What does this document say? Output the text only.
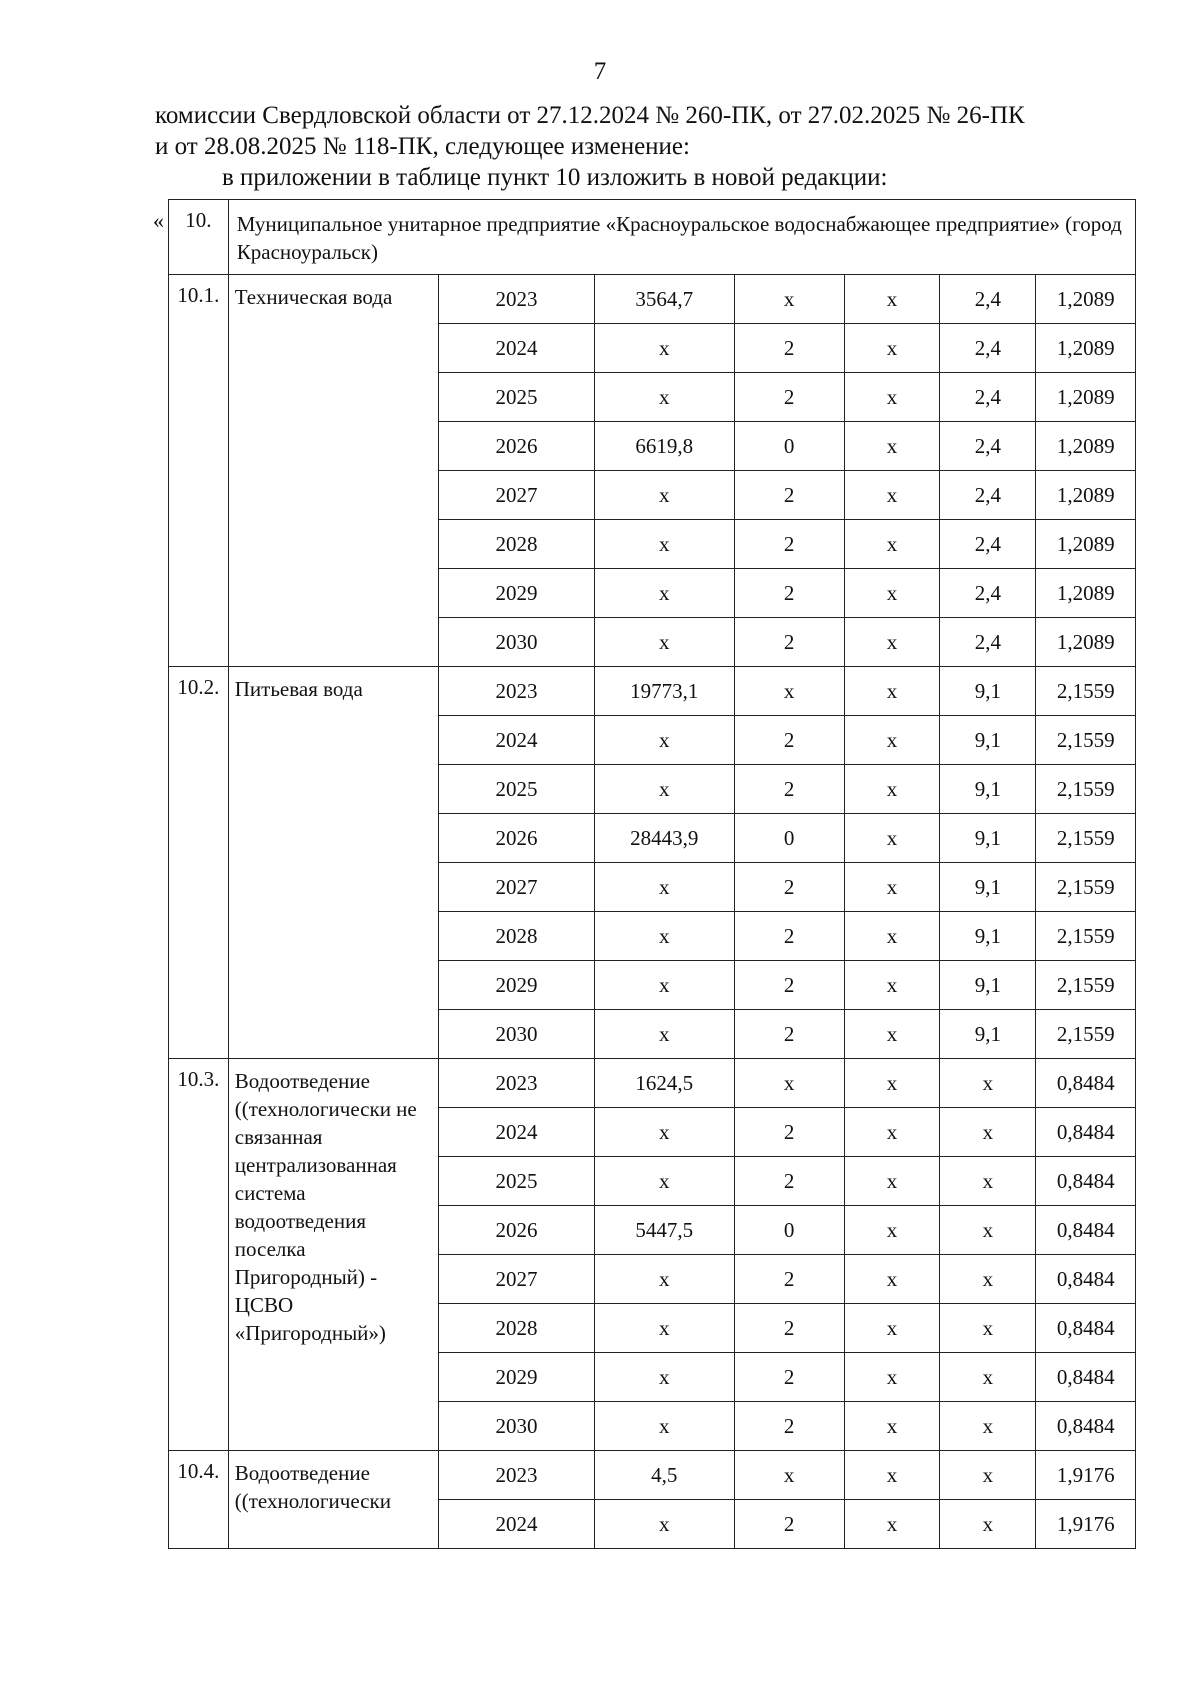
7
комиссии Свердловской области от 27.12.2024 № 260-ПК, от 27.02.2025 № 26-ПК
и от 28.08.2025 № 118-ПК, следующее изменение:
в приложении в таблице пункт 10 изложить в новой редакции:
« 10.	Муниципальное унитарное предприятие «Красноуральское водоснабжающее предприятие» (город Красноуральск)						
10.1.	Техническая вода	2023	3564,7	х	х	2,4	1,2089
		2024	х	2	х	2,4	1,2089
		2025	х	2	х	2,4	1,2089
		2026	6619,8	0	х	2,4	1,2089
		2027	х	2	х	2,4	1,2089
		2028	х	2	х	2,4	1,2089
		2029	х	2	х	2,4	1,2089
		2030	х	2	х	2,4	1,2089
10.2.	Питьевая вода	2023	19773,1	х	х	9,1	2,1559
		2024	х	2	х	9,1	2,1559
		2025	х	2	х	9,1	2,1559
		2026	28443,9	0	х	9,1	2,1559
		2027	х	2	х	9,1	2,1559
		2028	х	2	х	9,1	2,1559
		2029	х	2	х	9,1	2,1559
		2030	х	2	х	9,1	2,1559
10.3.	Водоотведение ((технологически не связанная централизованная система водоотведения поселка Пригородный) - ЦСВО «Пригородный»)	2023	1624,5	х	х	х	0,8484
		2024	х	2	х	х	0,8484
		2025	х	2	х	х	0,8484
		2026	5447,5	0	х	х	0,8484
		2027	х	2	х	х	0,8484
		2028	х	2	х	х	0,8484
		2029	х	2	х	х	0,8484
		2030	х	2	х	х	0,8484
10.4.	Водоотведение ((технологически	2023	4,5	х	х	х	1,9176
		2024	х	2	х	х	1,9176
